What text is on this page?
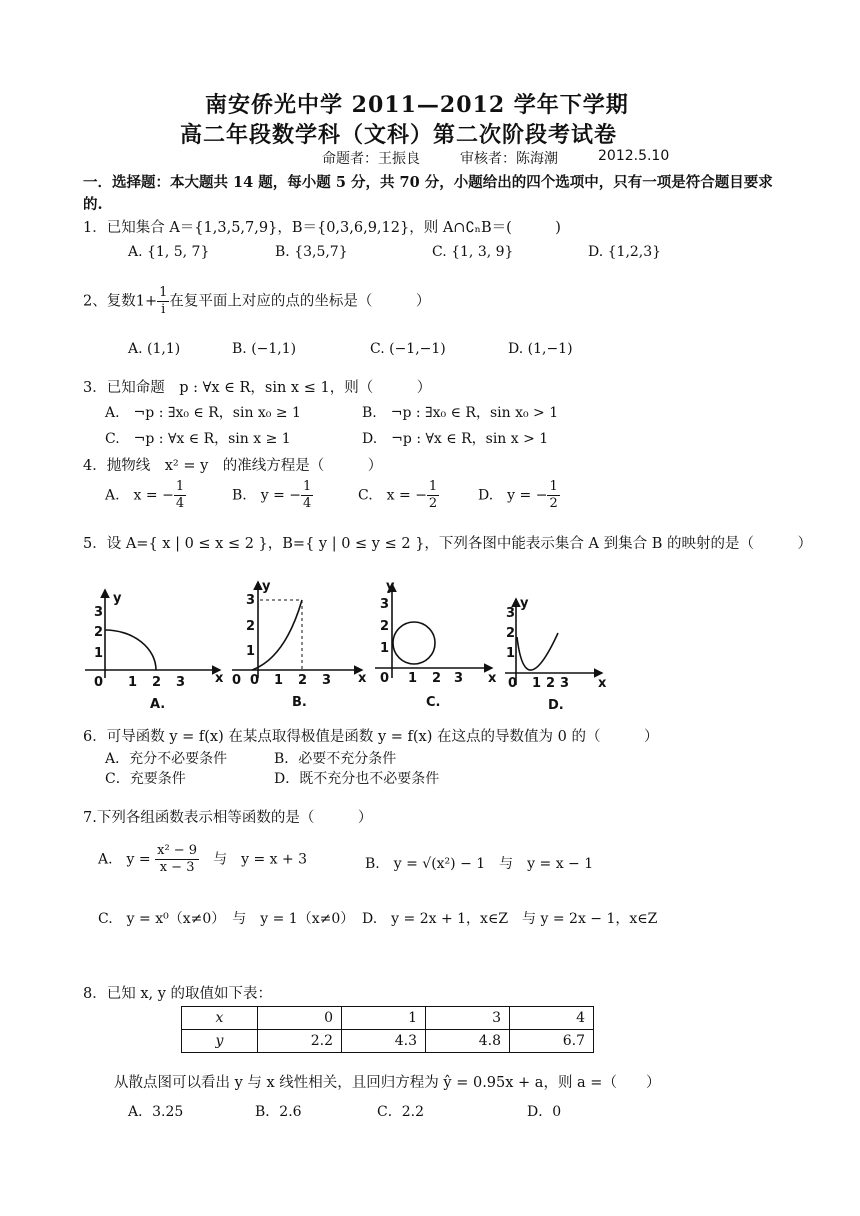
南安侨光中学 2011—2012 学年下学期
高二年段数学科（文科）第二次阶段考试卷
命题者：王振良	审核者：陈海潮	2012.5.10
一．选择题：本大题共 14 题，每小题 5 分，共 70 分，小题给出的四个选项中，只有一项是符合题目要求
的.
1．已知集合 A＝{1,3,5,7,9}，B＝{0,3,6,9,12}，则 A∩∁ₙB＝(　　　)
A. {1, 5, 7}	B. {3,5,7}	C. {1, 3, 9}	D. {1,2,3}
2、复数$1+ \frac{1}{i}$ 在复平面上对应的点的坐标是（　　　）
A. (1,1)	B. (−1,1)	C. (−1,−1)	D. (1,−1)
3．已知命题　p : ∀x ∈ R，sin x ≤ 1，则（　　　）
A.　¬p : ∃x₀ ∈ R，sin x₀ ≥ 1	B.　¬p : ∃x₀ ∈ R，sin x₀ > 1
C.　¬p : ∀x ∈ R，sin x ≥ 1	D.　¬p : ∀x ∈ R，sin x > 1
4．抛物线　x² = y　的准线方程是（　　　）
A.　x = − $\frac{1}{4}$	B.　y = − $\frac{1}{4}$	C.　x = − $\frac{1}{2}$	D.　y = − $\frac{1}{2}$
5．设 A={ x | 0 ≤ x ≤ 2 }，B={ y | 0 ≤ y ≤ 2 }，下列各图中能表示集合 A 到集合 B 的映射的是（　　　）
y
x
0 1 2 3
1
2
3
A.
y
x
0 0 1 2 3
1
2
3
B.
y
x
0 1 2 3
1
2
3
C.
y
x
0 1 2 3
1
2
3
D.
6．可导函数 y = f(x) 在某点取得极值是函数 y = f(x) 在这点的导数值为 0 的（　　　）
A．充分不必要条件	B．必要不充分条件
C．充要条件	D．既不充分也不必要条件
7.下列各组函数表示相等函数的是（　　　）
A.　$y = \frac{\text{x² − 9}}{x - 3}$ 　与　y = x + 3	B.　y = √(x²) − 1　与　y = x − 1
C.　y = x⁰（x≠0）　与　y = 1（x≠0） D.　y = 2x + 1，x∈Z　与 y = 2x − 1，x∈Z
8．已知 x, y 的取值如下表：
x	0	1	3	4
y	2.2	4.3	4.8	6.7
从散点图可以看出 y 与 x 线性相关，且回归方程为 ŷ = 0.95x + a，则 a =（　　）
A．3.25	B．2.6	C．2.2	D．0
